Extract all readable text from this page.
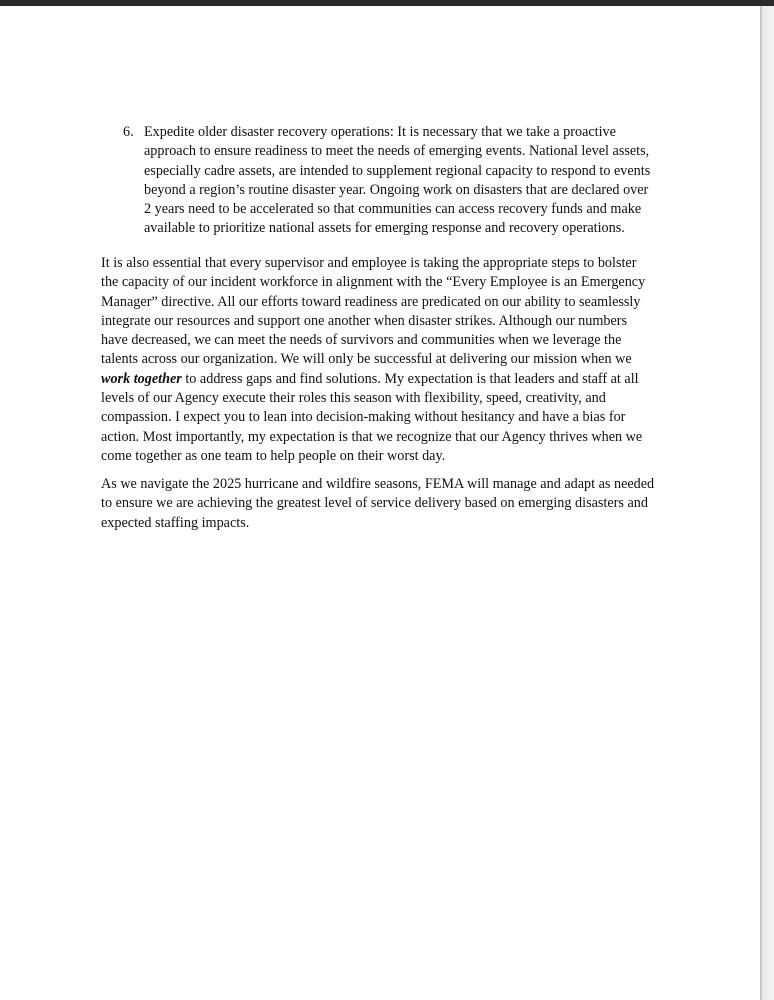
6. Expedite older disaster recovery operations: It is necessary that we take a proactive
approach to ensure readiness to meet the needs of emerging events. National level assets,
especially cadre assets, are intended to supplement regional capacity to respond to events
beyond a region’s routine disaster year. Ongoing work on disasters that are declared over
2 years need to be accelerated so that communities can access recovery funds and make
available to prioritize national assets for emerging response and recovery operations.
It is also essential that every supervisor and employee is taking the appropriate steps to bolster
the capacity of our incident workforce in alignment with the “Every Employee is an Emergency
Manager” directive. All our efforts toward readiness are predicated on our ability to seamlessly
integrate our resources and support one another when disaster strikes. Although our numbers
have decreased, we can meet the needs of survivors and communities when we leverage the
talents across our organization. We will only be successful at delivering our mission when we
work together to address gaps and find solutions. My expectation is that leaders and staff at all
levels of our Agency execute their roles this season with flexibility, speed, creativity, and
compassion. I expect you to lean into decision-making without hesitancy and have a bias for
action. Most importantly, my expectation is that we recognize that our Agency thrives when we
come together as one team to help people on their worst day.
As we navigate the 2025 hurricane and wildfire seasons, FEMA will manage and adapt as needed
to ensure we are achieving the greatest level of service delivery based on emerging disasters and
expected staffing impacts.
